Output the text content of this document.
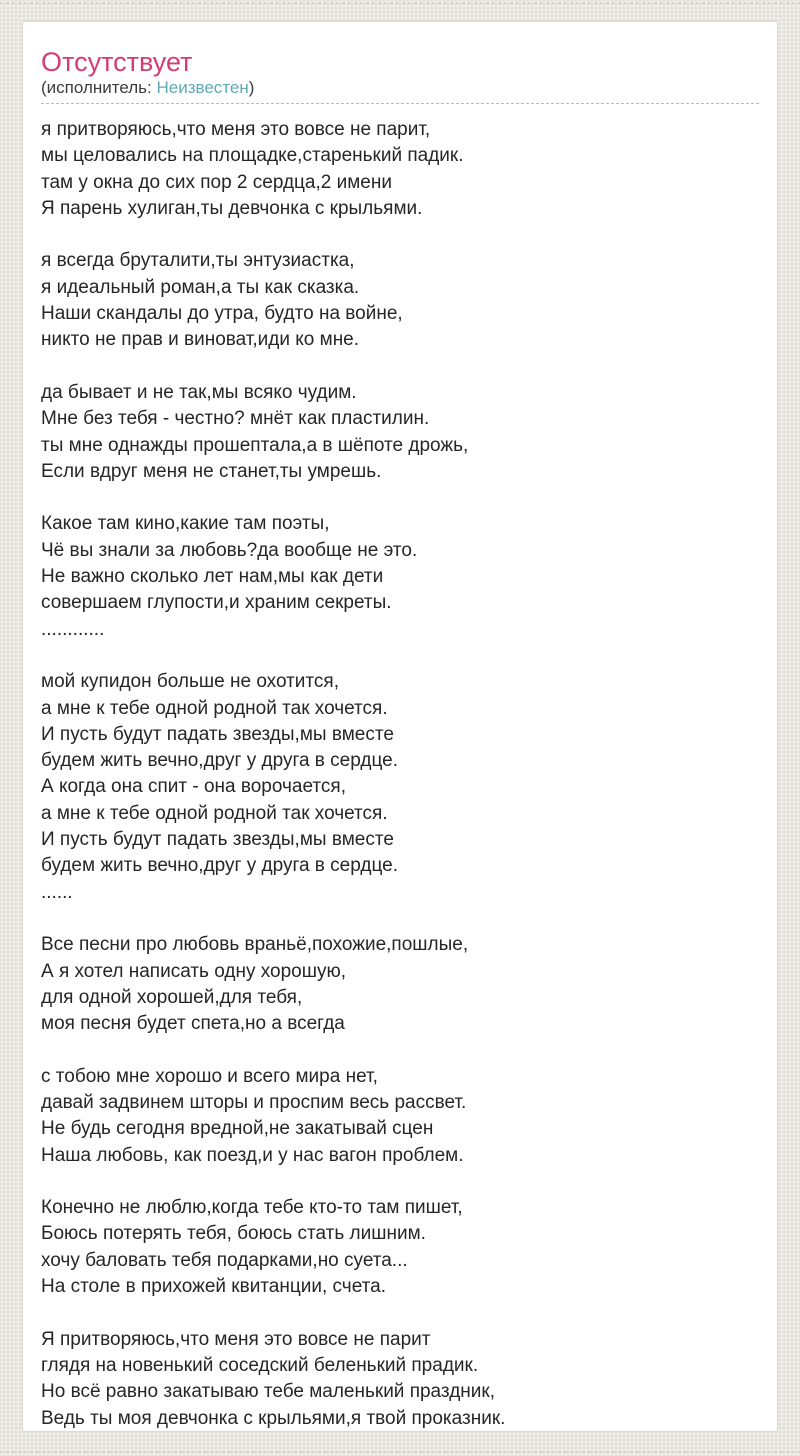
Отсутствует
(исполнитель: Неизвестен)
я притворяюсь,что меня это вовсе не парит,
мы целовались на площадке,старенький падик.
там у окна до сих пор 2 сердца,2 имени
Я парень хулиган,ты девчонка с крыльями.
я всегда бруталити,ты энтузиастка,
я идеальный роман,а ты как сказка.
Наши скандалы до утра, будто на войне,
никто не прав и виноват,иди ко мне.
да бывает и не так,мы всяко чудим.
Мне без тебя - честно? мнёт как пластилин.
ты мне однажды прошептала,а в шёпоте дрожь,
Если вдруг меня не станет,ты умрешь.
Какое там кино,какие там поэты,
Чё вы знали за любовь?да вообще не это.
Не важно сколько лет нам,мы как дети
совершаем глупости,и храним секреты.
............
мой купидон больше не охотится,
а мне к тебе одной родной так хочется.
И пусть будут падать звезды,мы вместе
будем жить вечно,друг у друга в сердце.
А когда она спит - она ворочается,
а мне к тебе одной родной так хочется.
И пусть будут падать звезды,мы вместе
будем жить вечно,друг у друга в сердце.
......
Все песни про любовь враньё,похожие,пошлые,
А я хотел написать одну хорошую,
для одной хорошей,для тебя,
моя песня будет спета,но а всегда
с тобою мне хорошо и всего мира нет,
давай задвинем шторы и проспим весь рассвет.
Не будь сегодня вредной,не закатывай сцен
Наша любовь, как поезд,и у нас вагон проблем.
Конечно не люблю,когда тебе кто-то там пишет,
Боюсь потерять тебя, боюсь стать лишним.
хочу баловать тебя подарками,но суета...
На столе в прихожей квитанции, счета.
Я притворяюсь,что меня это вовсе не парит
глядя на новенький соседский беленький прадик.
Но всё равно закатываю тебе маленький праздник,
Ведь ты моя девчонка с крыльями,я твой проказник.
